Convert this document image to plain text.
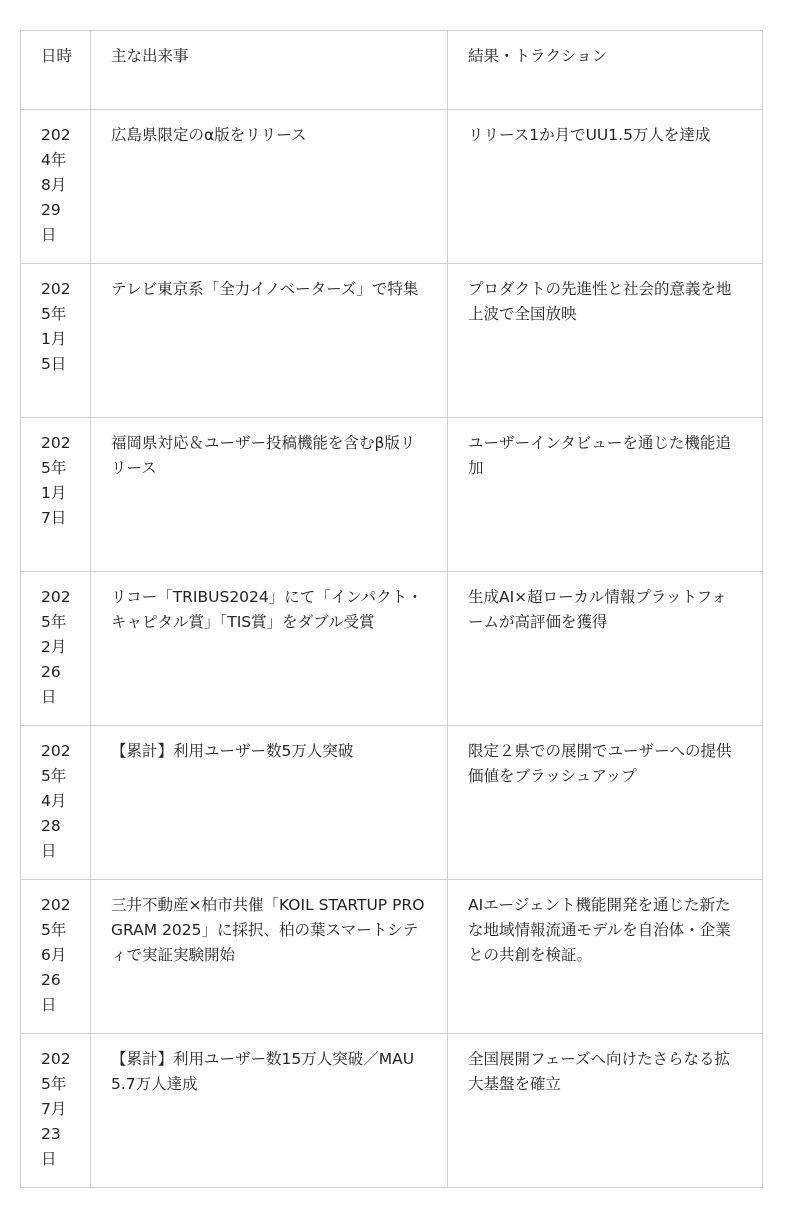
日時	主な出来事	結果・トラクション
2024年8月29日	広島県限定のα版をリリース	リリース1か月でUU1.5万人を達成
2025年1月5日	テレビ東京系「全力イノベーターズ」で特集	プロダクトの先進性と社会的意義を地上波で全国放映
2025年1月7日	福岡県対応＆ユーザー投稿機能を含むβ版リリース	ユーザーインタビューを通じた機能追加
2025年2月26日	リコー「TRIBUS2024」にて「インパクト・キャピタル賞」「TIS賞」をダブル受賞	生成AI×超ローカル情報プラットフォームが高評価を獲得
2025年4月28日	【累計】利用ユーザー数5万人突破	限定２県での展開でユーザーへの提供価値をブラッシュアップ
2025年6月26日	三井不動産×柏市共催「KOIL STARTUP PROGRAM 2025」に採択、柏の葉スマートシティで実証実験開始	AIエージェント機能開発を通じた新たな地域情報流通モデルを自治体・企業との共創を検証。
2025年7月23日	【累計】利用ユーザー数15万人突破／MAU5.7万人達成	全国展開フェーズへ向けたさらなる拡大基盤を確立
